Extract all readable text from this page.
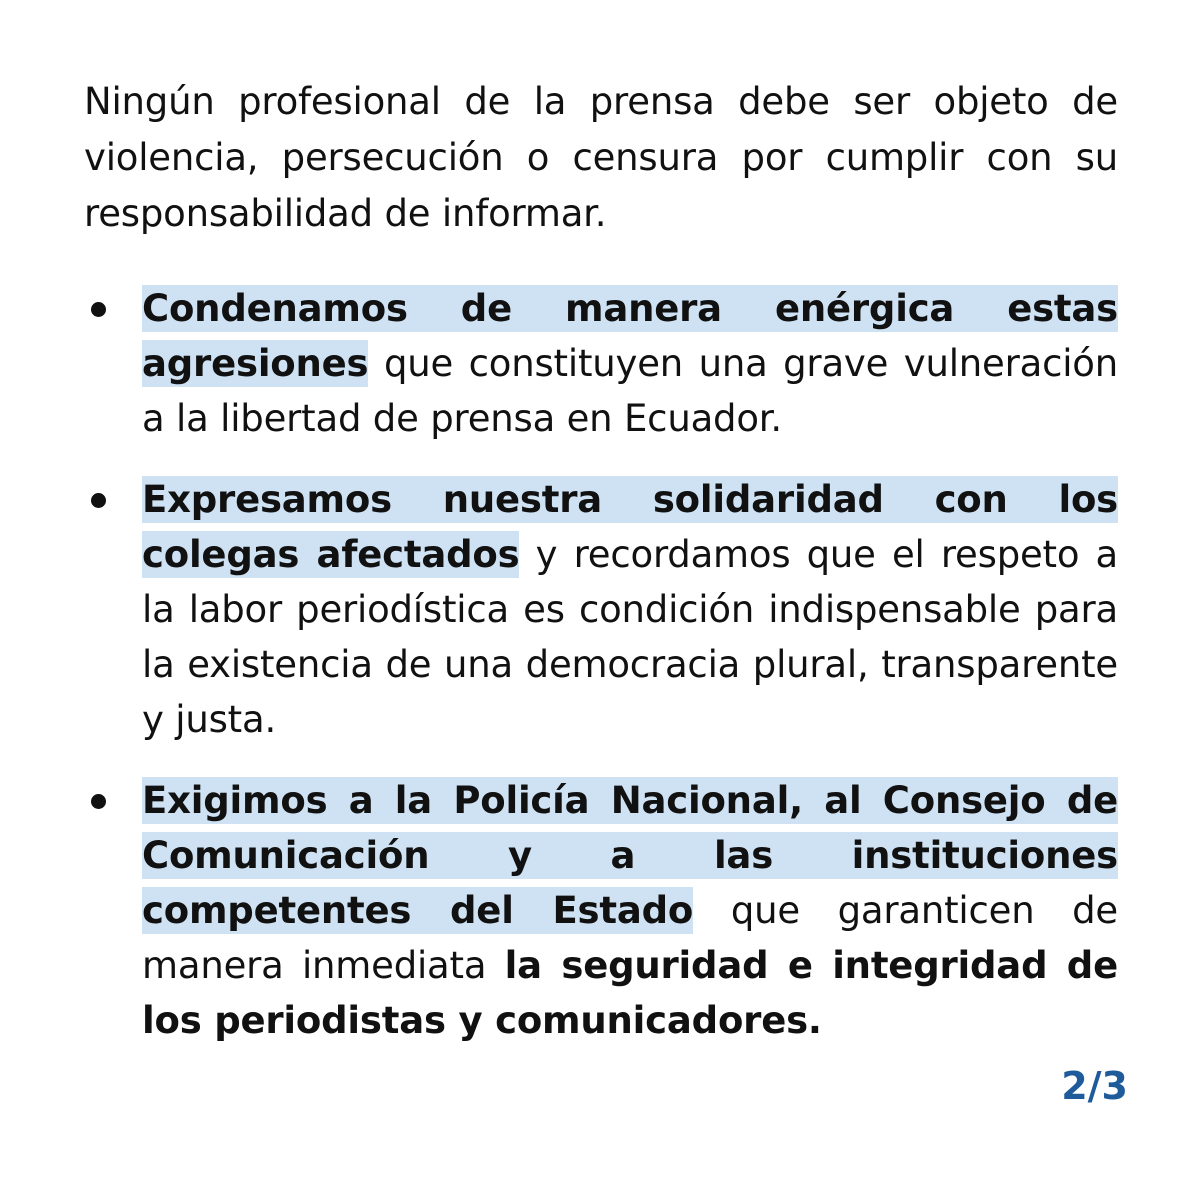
Ningún profesional de la prensa debe ser objeto de violencia, persecución o censura por cumplir con su responsabilidad de informar.

Condenamos de manera enérgica estas agresiones que constituyen una grave vulneración a la libertad de prensa en Ecuador.
Expresamos nuestra solidaridad con los colegas afectados y recordamos que el respeto a la labor periodística es condición indispensable para la existencia de una democracia plural, transparente y justa.
Exigimos a la Policía Nacional, al Consejo de Comunicación y a las instituciones competentes del Estado que garanticen de manera inmediata la seguridad e integridad de los periodistas y comunicadores.
2/3
